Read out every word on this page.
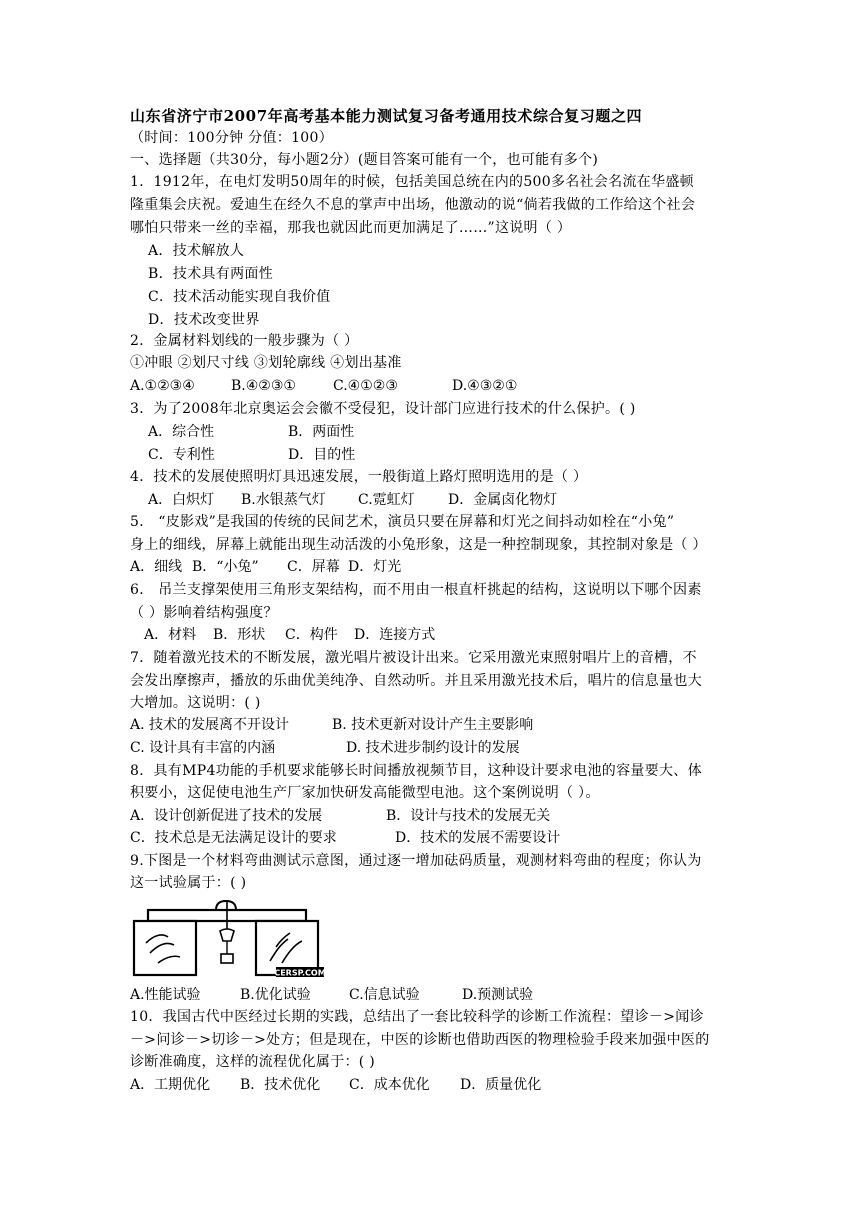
山东省济宁市2007年高考基本能力测试复习备考通用技术综合复习题之四
（时间：100分钟 分值：100）
一、选择题（共30分，每小题2分）(题目答案可能有一个，也可能有多个)
1．1912年，在电灯发明50周年的时候，包括美国总统在内的500多名社会名流在华盛顿
隆重集会庆祝。爱迪生在经久不息的掌声中出场，他激动的说“倘若我做的工作给这个社会
哪怕只带来一丝的幸福，那我也就因此而更加满足了……”这说明（ ）
A．技术解放人
B．技术具有两面性
C．技术活动能实现自我价值
D．技术改变世界
2．金属材料划线的一般步骤为（ ）
①冲眼 ②划尺寸线 ③划轮廓线 ④划出基准
A.①②③④	B.④②③①	C.④①②③	D.④③②①
3．为了2008年北京奥运会会徽不受侵犯，设计部门应进行技术的什么保护。( )
A．综合性	B．两面性
C．专利性	D．目的性
4．技术的发展使照明灯具迅速发展，一般街道上路灯照明选用的是（ ）
A．白炽灯 B.水银蒸气灯 C.霓虹灯 D．金属卤化物灯
5． “皮影戏”是我国的传统的民间艺术，演员只要在屏幕和灯光之间抖动如栓在“小兔”
身上的细线，屏幕上就能出现生动活泼的小兔形象，这是一种控制现象，其控制对象是（ ）
A．细线 B．“小兔” C．屏幕 D．灯光
6． 吊兰支撑架使用三角形支架结构，而不用由一根直杆挑起的结构，这说明以下哪个因素
（ ）影响着结构强度？
A．材料 B．形状 C．构件 D．连接方式
7．随着激光技术的不断发展，激光唱片被设计出来。它采用激光束照射唱片上的音槽，不
会发出摩擦声，播放的乐曲优美纯净、自然动听。并且采用激光技术后，唱片的信息量也大
大增加。这说明：( )
A. 技术的发展离不开设计	B. 技术更新对设计产生主要影响
C. 设计具有丰富的内涵	D. 技术进步制约设计的发展
8．具有MP4功能的手机要求能够长时间播放视频节目，这种设计要求电池的容量要大、体
积要小，这促使电池生产厂家加快研发高能微型电池。这个案例说明（ ）。
A．设计创新促进了技术的发展	B．设计与技术的发展无关
C．技术总是无法满足设计的要求	D．技术的发展不需要设计
9.下图是一个材料弯曲测试示意图，通过逐一增加砝码质量，观测材料弯曲的程度；你认为
这一试验属于：( )
CERSP.COM
A.性能试验	B.优化试验	C.信息试验	D.预测试验
10．我国古代中医经过长期的实践，总结出了一套比较科学的诊断工作流程：望诊－>闻诊
－>问诊－>切诊－>处方；但是现在，中医的诊断也借助西医的物理检验手段来加强中医的
诊断准确度，这样的流程优化属于：( )
A．工期优化 B．技术优化 C．成本优化 D．质量优化
